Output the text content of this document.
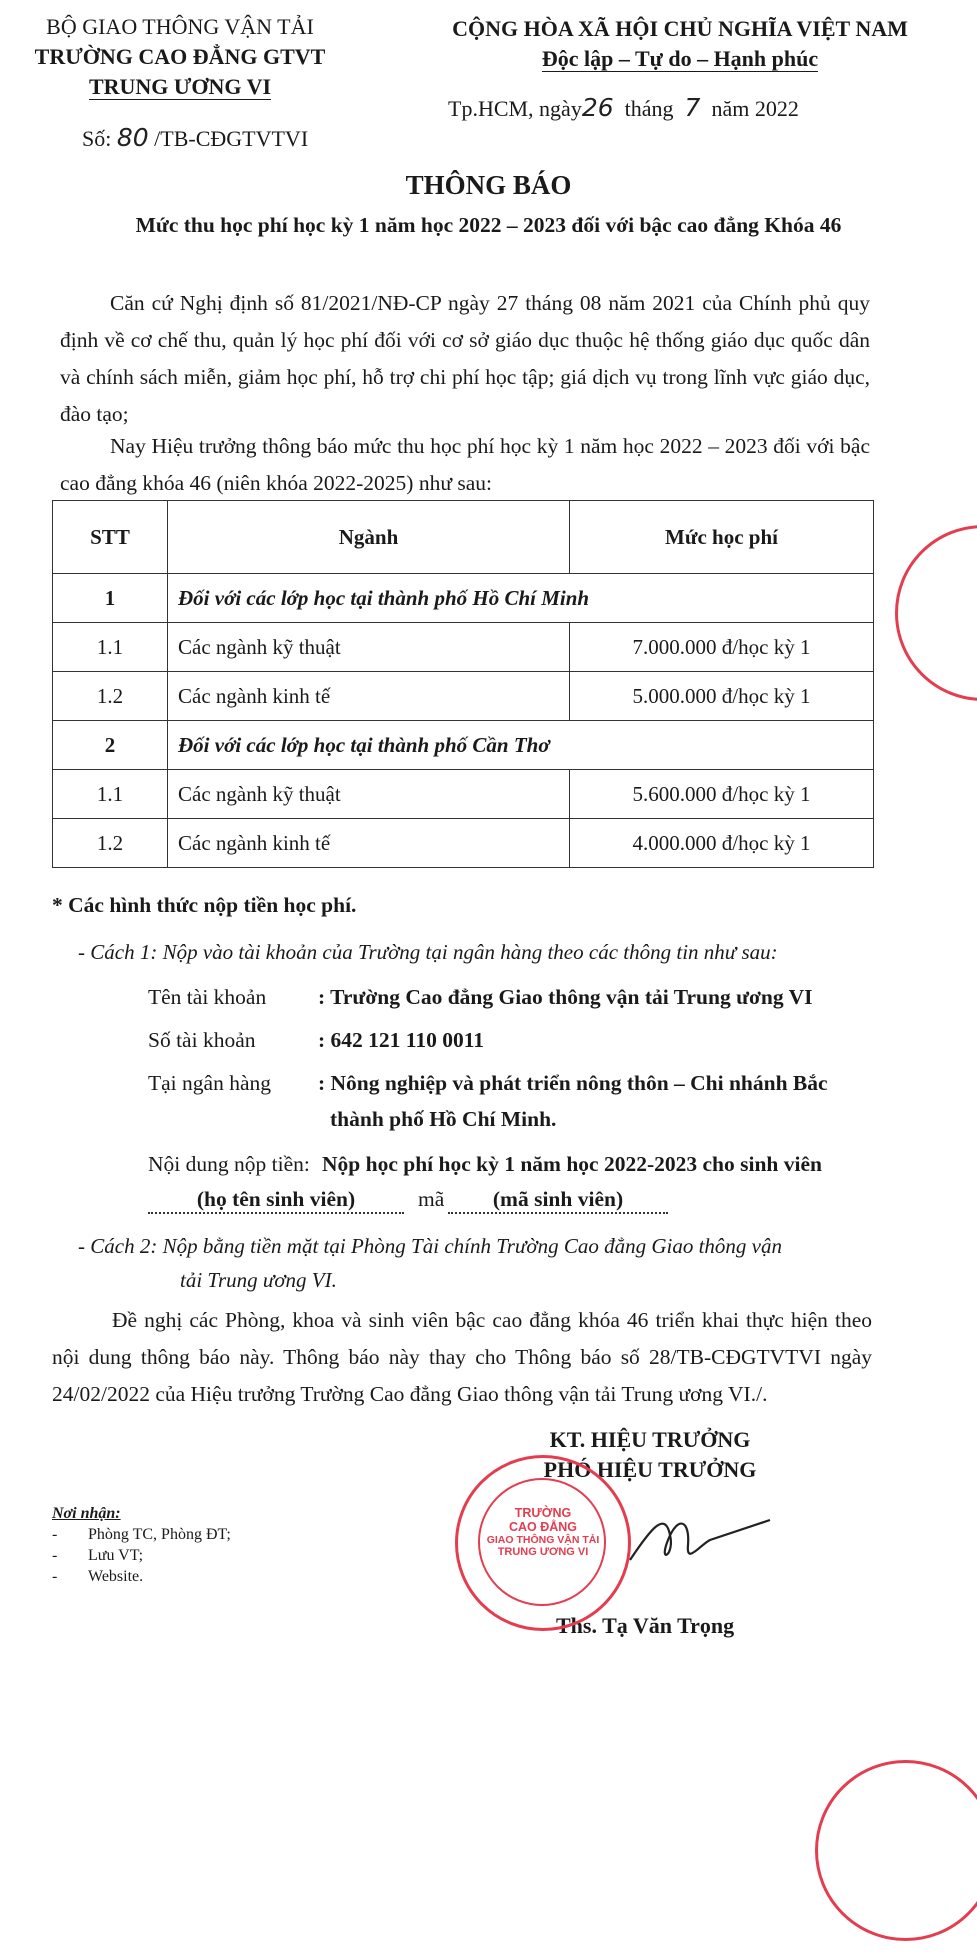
BỘ GIAO THÔNG VẬN TẢI
TRƯỜNG CAO ĐẲNG GTVT
TRUNG ƯƠNG VI
Số: 80 /TB-CĐGTVTVI
CỘNG HÒA XÃ HỘI CHỦ NGHĨA VIỆT NAM
Độc lập – Tự do – Hạnh phúc
Tp.HCM, ngày26 tháng 7 năm 2022
THÔNG BÁO
Mức thu học phí học kỳ 1 năm học 2022 – 2023 đối với bậc cao đẳng Khóa 46
Căn cứ Nghị định số 81/2021/NĐ-CP ngày 27 tháng 08 năm 2021 của Chính phủ quy định về cơ chế thu, quản lý học phí đối với cơ sở giáo dục thuộc hệ thống giáo dục quốc dân và chính sách miễn, giảm học phí, hỗ trợ chi phí học tập; giá dịch vụ trong lĩnh vực giáo dục, đào tạo;
Nay Hiệu trưởng thông báo mức thu học phí học kỳ 1 năm học 2022 – 2023 đối với bậc cao đẳng khóa 46 (niên khóa 2022-2025) như sau:
STT	Ngành	Mức học phí
1	Đối với các lớp học tại thành phố Hồ Chí Minh	
1.1	Các ngành kỹ thuật	7.000.000 đ/học kỳ 1
1.2	Các ngành kinh tế	5.000.000 đ/học kỳ 1
2	Đối với các lớp học tại thành phố Cần Thơ	
1.1	Các ngành kỹ thuật	5.600.000 đ/học kỳ 1
1.2	Các ngành kinh tế	4.000.000 đ/học kỳ 1
* Các hình thức nộp tiền học phí.
- Cách 1: Nộp vào tài khoản của Trường tại ngân hàng theo các thông tin như sau:
Tên tài khoản : Trường Cao đẳng Giao thông vận tải Trung ương VI
Số tài khoản	: 642 121 110 0011
Tại ngân hàng : Nông nghiệp và phát triển nông thôn – Chi nhánh Bắc
thành phố Hồ Chí Minh.
Nội dung nộp tiền: Nộp học phí học kỳ 1 năm học 2022-2023 cho sinh viên
(họ tên sinh viên)	mã	(mã sinh viên)
- Cách 2: Nộp bằng tiền mặt tại Phòng Tài chính Trường Cao đẳng Giao thông vận
tải Trung ương VI.
Đề nghị các Phòng, khoa và sinh viên bậc cao đẳng khóa 46 triển khai thực hiện theo nội dung thông báo này. Thông báo này thay cho Thông báo số 28/TB-CĐGTVTVI ngày 24/02/2022 của Hiệu trưởng Trường Cao đẳng Giao thông vận tải Trung ương VI./.
KT. HIỆU TRƯỞNG
PHÓ HIỆU TRƯỞNG
Ths. Tạ Văn Trọng
TRƯỜNG
CAO ĐẲNG
GIAO THÔNG VẬN TẢI
TRUNG ƯƠNG VI
Nơi nhận:
- Phòng TC, Phòng ĐT;
- Lưu VT;
- Website.
